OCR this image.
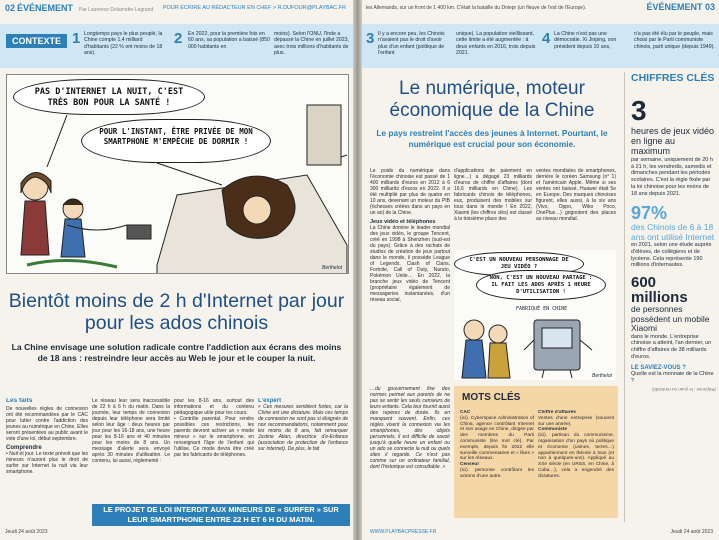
02 ÉVÉNEMENT Par Laurence Delamotte-Legrand POUR ÉCRIRE AU RÉDACTEUR EN CHEF > R.DUFOUR@PLAYBAC.FR
CONTEXTE 1 Longtemps pays le plus peuplé, la Chine compte 1,4 milliard d'habitants (22 % ont moins de 18 ans).
2 En 2022, pour la première fois en 60 ans, sa population a baissé (850 000 habitants en
moins). Selon l'ONU, l'Inde a dépassé la Chine en juillet 2023, avec trois millions d'habitants de plus.
PAS D'INTERNET LA NUIT, C'EST TRÈS BON POUR LA SANTÉ !
POUR L'INSTANT, ÊTRE PRIVÉE DE MON SMARTPHONE M'EMPÊCHE DE DORMIR !
Berthelot
Bientôt moins de 2 h d'Internet par jour pour les ados chinois
La Chine envisage une solution radicale contre l'addiction aux écrans des moins de 18 ans : restreindre leur accès au Web le jour et le couper la nuit.
Les faits
De nouvelles règles de connexion ont été recommandées par le CAC pour lutter contre l'addiction des jeunes au numérique en Chine. Elles seront présentées au public avant le vote d'une loi, début septembre.
Comprendre
• Nuit et jour. Le texte prévoit que les mineurs n'auront plus le droit de surfer sur Internet la nuit via leur smartphone.
Le réseau leur sera inaccessible de 22 h à 6 h du matin. Dans la journée, leur temps de connexion depuis leur téléphone sera limité selon leur âge : deux heures par jour pour les 16-18 ans, une heure pour les 8-16 ans et 40 minutes pour les moins de 8 ans. Un message d'alerte sera envoyé après 30 minutes d'utilisation. Le contenu, lui aussi, réglementé :
pour les 8-16 ans, surtout des informations et du contenu pédagogique utile pour les cours.
• Contrôle parental. Pour rendre possibles ces restrictions, les parents devront activer un « mode mineur » sur le smartphone, en renseignant l'âge de l'enfant qui l'utilise. Ce mode devra être créé par les fabricants de téléphones.
L'expert
« Ces mesures semblent fortes, car la Chine est une dictature. Mais ces temps de connexion ne sont pas si éloignés de nox recommandations, notamment pour les moins de 8 ans, fait remarquer Justine Atlan, directrice d'e-Enfance (association de protection de l'enfance sur Internet). De plus, le fait
LE PROJET DE LOI INTERDIT AUX MINEURS DE « SURFER » SUR LEUR SMARTPHONE ENTRE 22 H ET 6 H DU MATIN.
Jeudi 24 août 2023
les Allemands, sur un front de 1 400 km. C'était la bataille du Dniepr (un fleuve de l'est de l'Europe).	ÉVÉNEMENT 03
3 Il y a encore peu, les Chinois n'avaient pas le droit d'avoir plus d'un enfant (politique de l'enfant
unique). La population vieillissant, cette limite a été augmentée : à deux enfants en 2016, trois depuis 2021.
4 La Chine n'est pas une démocratie. Xi Jinping, son président depuis 10 ans,
n'a pas été élu par le peuple, mais choisi par le Parti communiste chinois, parti unique (depuis 1949).
Le numérique, moteur économique de la Chine
Le pays restreint l'accès des jeunes à Internet. Pourtant, le numérique est crucial pour son économie.
Le poids du numérique dans l'économie chinoise est passé de 1 400 milliards d'euros en 2012 à 6 300 milliards d'euros en 2022. Il a été multiplié par plus de quatre en 10 ans, devenant un moteur du PIB (richesses créées dans un pays en un an) de la Chine.
Jeux vidéo et téléphones
La Chine domine le leader mondial des jeux vidéo, le groupe Tencent, créé en 1998 à Shenzhen (sud-est du pays). Grâce à des rachats de studios de création de jeux partout dans le monde, il possède League of Legends, Clash of Clans, Fortnite, Call of Duty, Naruto, Pokémon Unite… En 2022, la branche jeux vidéo de Tencent (propriétaire également de messageries instantanées, d'un réseau social,
d'applications de paiement en ligne…) a dégagé 23 milliards d'euros de chiffre d'affaires (dont 16,6 milliards en Chine). Les fabricants chinois de téléphones, eux, produisent des mobiles sur tous dans le monde ! En 2022, Xiaomi (les chiffres clés) est classé à la troisième place des
ventes mondiales de smartphones, derrière le coréen Samsung (n° 1) et l'américain Apple. Même si ses ventes ont baissé, Huawei était 5e en Europe. Des marques chinoises figurent, elles aussi, à la six ans (Vivo, Oppo, Wiko Poco, OnePlus…) grignotent des places au niveau mondial.
C'EST UN NOUVEAU PERSONNAGE DE JEU VIDÉO ?
NON, C'EST UN NOUVEAU PARTAGE : IL FAIT LES ADOS APRÈS 1 HEURE D'UTILISATION !
FABRIQUÉ EN CHINE
Berthelot
…du gouvernement fixe des normes permet aux parents de ne pas se sentir les seuls censeurs de leurs enfants. Cela leur fournit aussi des repères de durée. Ils en manquent souvent. Enfin, ces règles visent la connexion via les smartphones, des objets personnels, il est difficile de savoir jusqu'à quelle heure un enfant ou un ado se connecte la nuit ou quels sites il regarde. Ce n'est pas comme sur un ordinateur familial, dont l'historique est consultable. »
MOTS CLÉS
CAC
(ici). Cyberspace Administration of China, agence contrôlant Internet et son usage en Chine, dirigée par des membres du Parti communiste (lire mot clé). Par exemple, depuis fin 2022 elle surveille commentaires et « likes » sur les réseaux.
Censeur
(ici). personne contrôlant les actions d'une autre.
Chiffre d'affaires
Ventes d'une entreprise (souvent sur une année).
Communiste
(ici). partisan du communisme, organisation d'un pays où politique et économie (usines, terres…) appartiennent en théorie à tous (et non à quelques-uns). Appliqué au XXe siècle (en URSS, en Chine, à Cuba…), cela a engendré des dictatures.
CHIFFRES CLÉS
3
heures de jeux vidéo en ligne au maximum
par semaine, uniquement de 20 h à 21 h, les vendredis, samedis et dimanches pendant les périodes scolaires. C'est la règle fixée par la loi chinoise pour les moins de 18 ans depuis 2021.
97%
des Chinois de 6 à 18 ans ont utilisé Internet
en 2021, selon une étude auprès d'élèves, de collégiens et de lycéens. Cela représente 190 millions d'internautes.
600 millions
de personnes possèdent un mobile Xiaomi
dans le monde. L'entreprise chinoise a atteint, l'an dernier, un chiffre d'affaires de 38 milliards d'euros.
LE SAVIEZ-VOUS ?
Quelle est la monnaie de la Chine ?
(Réponse : le yuan ou renminbi)
WWW.PLAYBACPRESSE.FR	Jeudi 24 août 2023
